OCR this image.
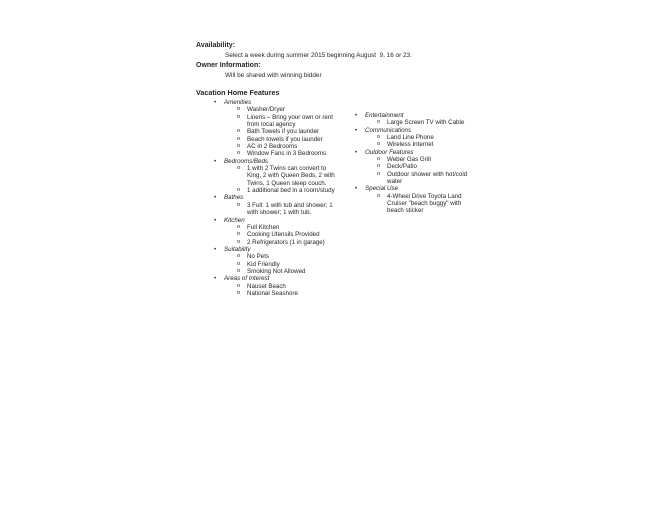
Availability:
Select a week during summer 2015 beginning August  9, 16 or 23.
Owner Information:
Will be shared with winning bidder
Vacation Home Features
•	Amenities
o	Washer/Dryer
o	Linens – Bring your own or rent from local agency
o	Bath Towels if you launder
o	Beach towels if you launder
o	AC in 2 Bedrooms
o	Window Fans in 3 Bedrooms
•	Bedrooms/Beds
o	1 with 2 Twins can convert to King, 2 with Queen Beds, 2 with Twins, 1 Queen sleep couch.
o	1 additional bed in a room/study
•	Bathes
o	3 Full: 1 with tub and shower; 1 with shower; 1 with tub.
•	Kitchen
o	Full Kitchen
o	Cooking Utensils Provided
o	2 Refrigerators (1 in garage)
•	Suitability
o	No Pets
o	Kid Friendly
o	Smoking Not Allowed
•	Areas of Interest
o	Nauset Beach
o	National Seashore
•	Entertainment
o	Large Screen TV with Cable
•	Communications
o	Land Line Phone
o	Wireless Internet
•	Outdoor Features
o	Weber Gas Grill
o	Deck/Patio
o	Outdoor shower with hot/cold water
•	Special Use
o	4-Wheel Drive Toyota Land Cruiser "beach buggy" with beach sticker
